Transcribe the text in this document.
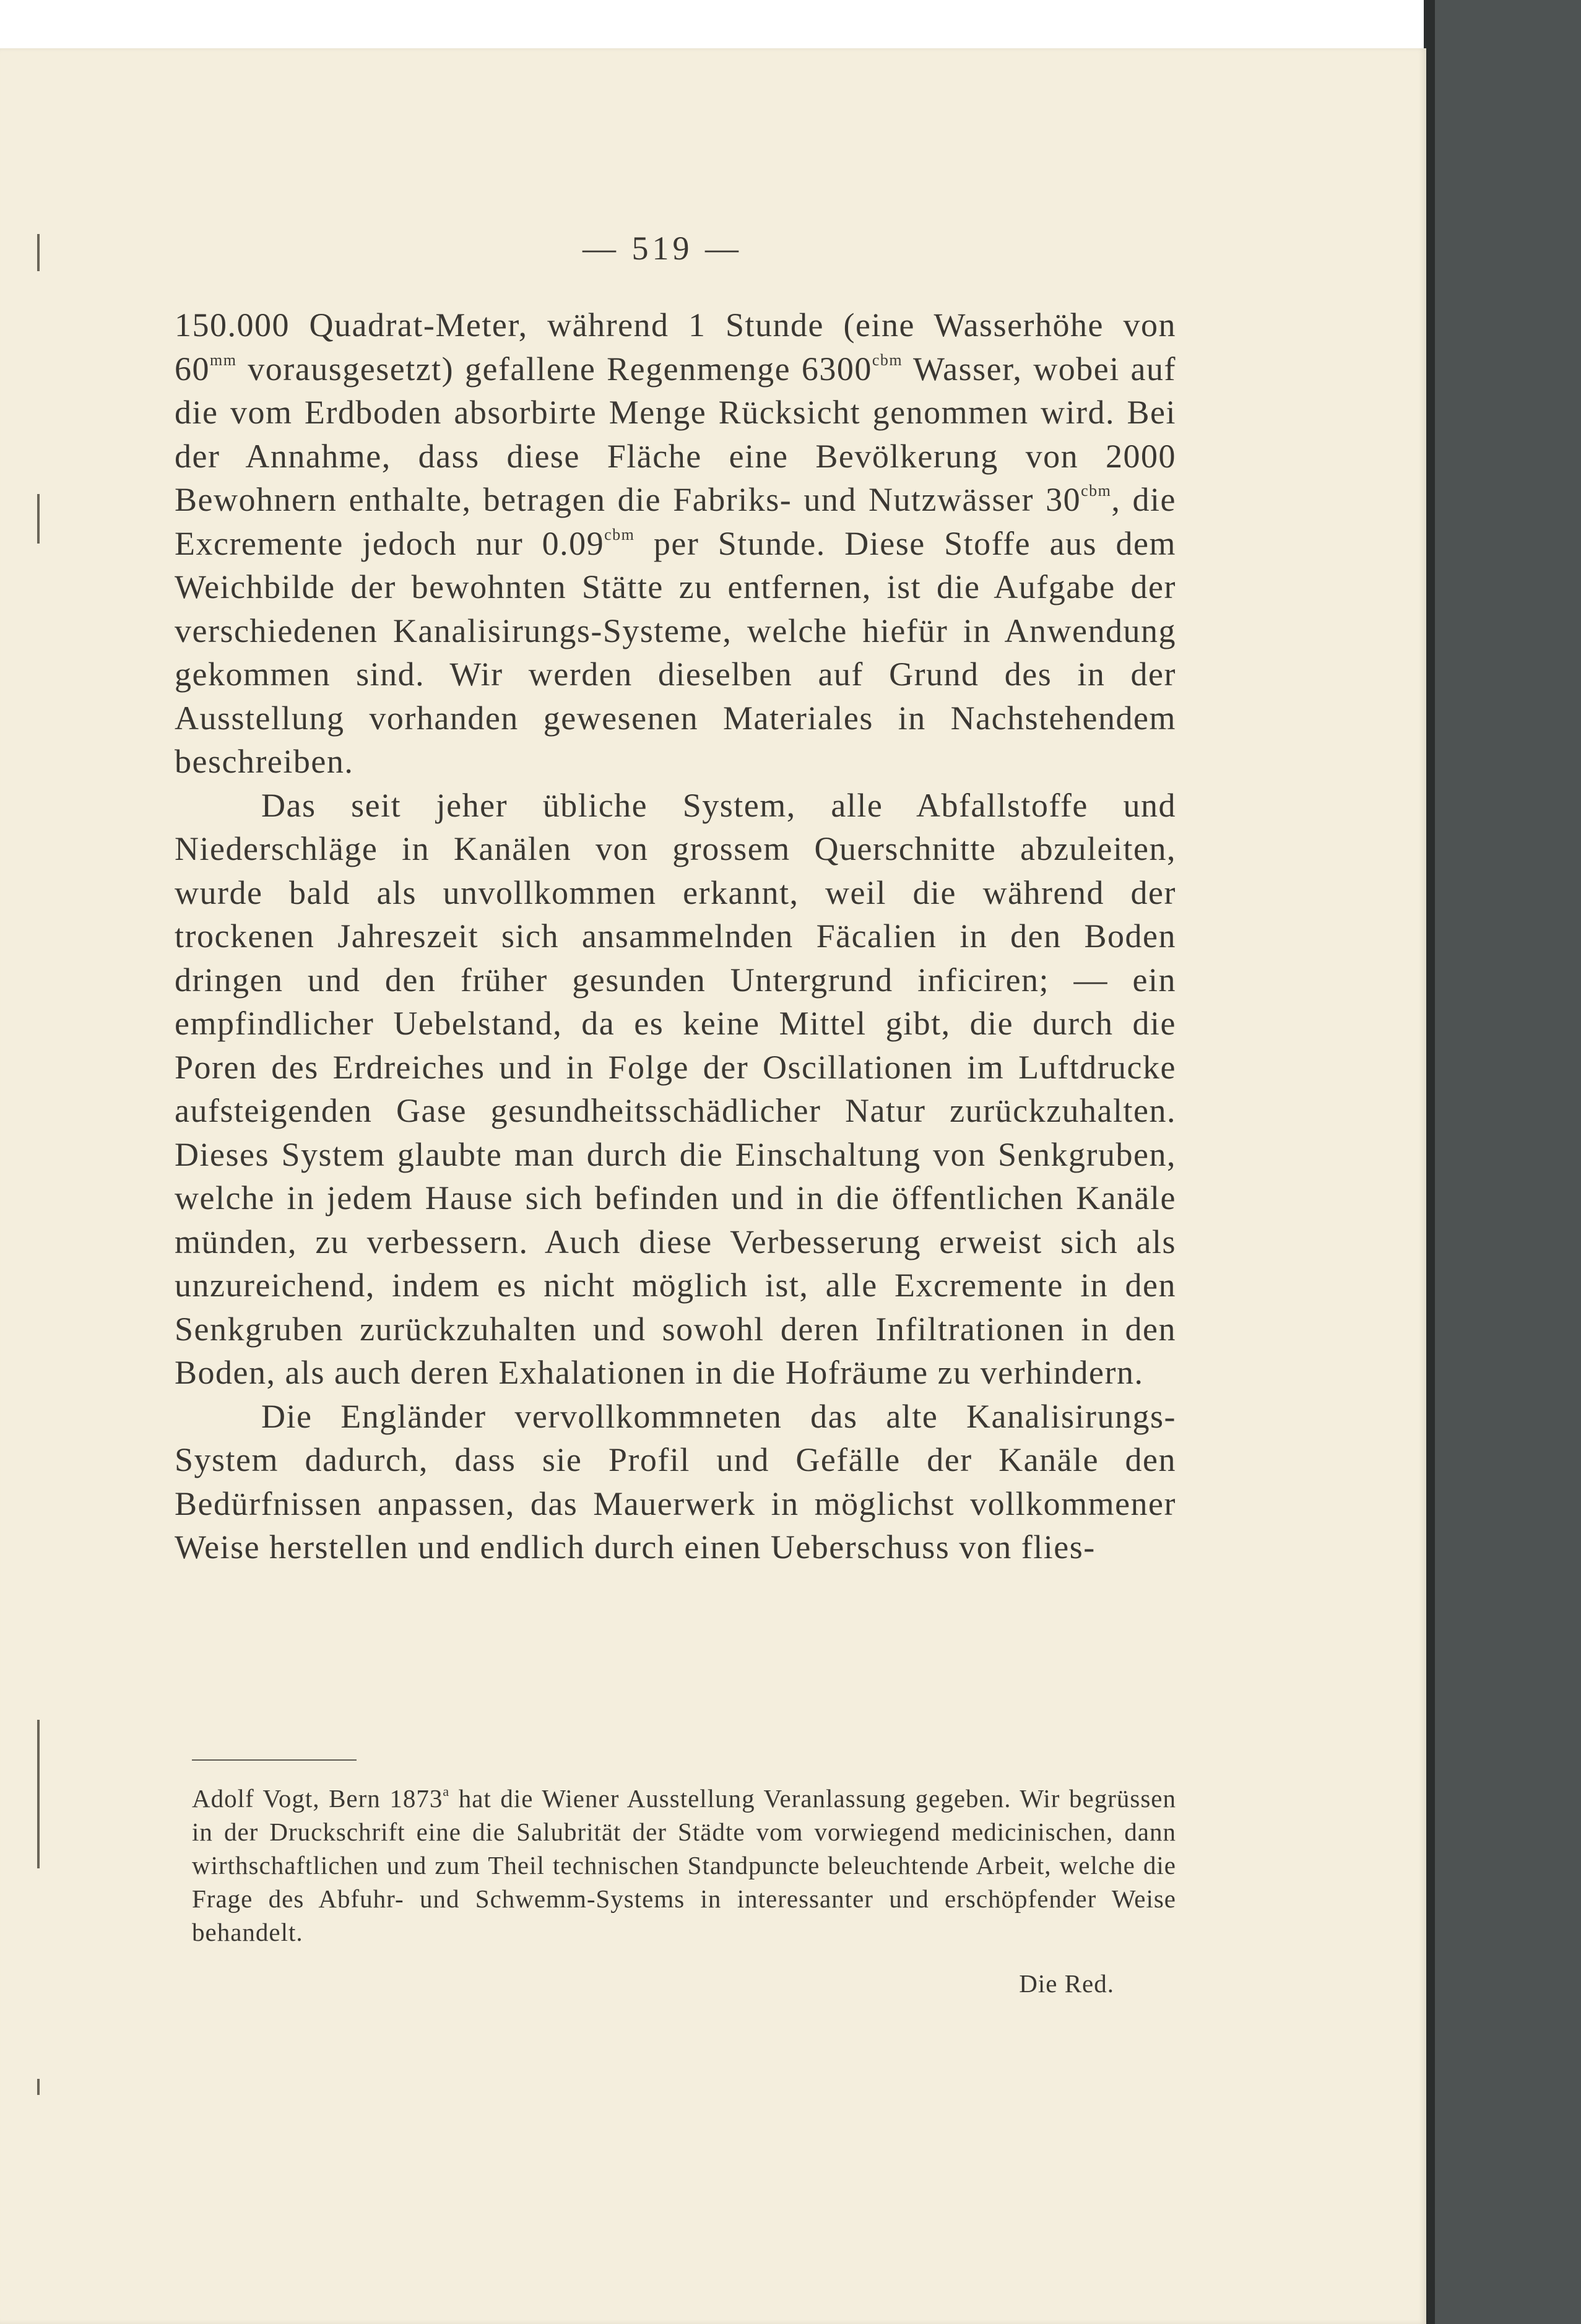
— 519 —

150.000 Quadrat-Meter, während 1 Stunde (eine Wasserhöhe von $60^{mm}$ vorausgesetzt) gefallene Regenmenge $6300^{cbm}$ Wasser, wobei auf die vom Erdboden absorbirte Menge Rücksicht genommen wird. Bei der Annahme, dass diese Fläche eine Bevölkerung von 2000 Bewohnern enthalte, betragen die Fabriks- und Nutzwässer $30^{cbm}$, die Excremente jedoch nur $0.09^{cbm}$ per Stunde. Diese Stoffe aus dem Weichbilde der bewohnten Stätte zu entfernen, ist die Aufgabe der verschiedenen Kanalisirungs-Systeme, welche hiefür in Anwendung gekommen sind. Wir werden dieselben auf Grund des in der Ausstellung vorhanden gewesenen Materiales in Nachstehendem beschreiben.

Das seit jeher übliche System, alle Abfallstoffe und Niederschläge in Kanälen von grossem Querschnitte abzuleiten, wurde bald als unvollkommen erkannt, weil die während der trockenen Jahreszeit sich ansammelnden Fäcalien in den Boden dringen und den früher gesunden Untergrund inficiren; — ein empfindlicher Uebelstand, da es keine Mittel gibt, die durch die Poren des Erdreiches und in Folge der Oscillationen im Luftdrucke aufsteigenden Gase gesundheitsschädlicher Natur zurückzuhalten. Dieses System glaubte man durch die Einschaltung von Senkgruben, welche in jedem Hause sich befinden und in die öffentlichen Kanäle münden, zu verbessern. Auch diese Verbesserung erweist sich als unzureichend, indem es nicht möglich ist, alle Excremente in den Senkgruben zurückzuhalten und sowohl deren Infiltrationen in den Boden, als auch deren Exhalationen in die Hofräume zu verhindern.

Die Engländer vervollkommneten das alte Kanalisirungs-System dadurch, dass sie Profil und Gefälle der Kanäle den Bedürfnissen anpassen, das Mauerwerk in möglichst vollkommener Weise herstellen und endlich durch einen Ueberschuss von flies-

Adolf Vogt, Bern 1873$^a$ hat die Wiener Ausstellung Veranlassung gegeben. Wir begrüssen in der Druckschrift eine die Salubrität der Städte vom vorwiegend medicinischen, dann wirthschaftlichen und zum Theil technischen Standpuncte beleuchtende Arbeit, welche die Frage des Abfuhr- und Schwemm-Systems in interessanter und erschöpfender Weise behandelt.

Die Red.
